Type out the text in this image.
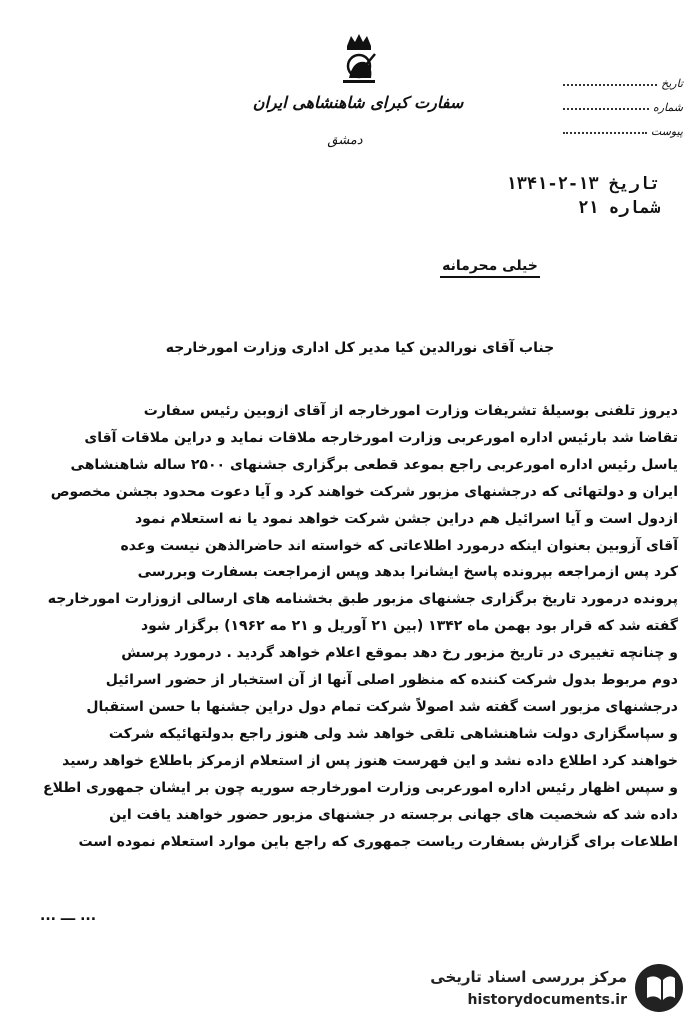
سفارت کبرای شاهنشاهی ایران
دمشق
تاریخ
شماره
پیوست
تاریخ ۱۳-۲-۱۳۴۱
شماره ۲۱
خیلی محرمانه
جناب آقای نورالدین کیا مدیر کل اداری وزارت امورخارجه

دیروز تلفنی بوسیلهٔ تشریفات وزارت امورخارجه از آقای ازوبین رئیس سفارت

تقاضا شد بارئیس اداره امورعربی وزارت امورخارجه ملاقات نماید و دراین ملاقات آقای

یاسل رئیس اداره امورعربی راجع بموعد قطعی برگزاری جشنهای ۲۵۰۰ ساله شاهنشاهی

ایران و دولتهائی که درجشنهای مزبور شرکت خواهند کرد و آیا دعوت محدود بجشن مخصوص

ازدول است و آیا اسرائیل هم دراین جشن شرکت خواهد نمود یا نه استعلام نمود

آقای آزوبین بعنوان اینکه درمورد اطلاعاتی که خواسته اند حاضرالذهن نیست وعده

کرد پس ازمراجعه بپرونده پاسخ ایشانرا بدهد وپس ازمراجعت بسفارت وبررسی

پرونده درمورد تاریخ برگزاری جشنهای مزبور طبق بخشنامه های ارسالی ازوزارت امورخارجه

گفته شد که قرار بود بهمن ماه ۱۳۴۲ (بین ۲۱ آوریل و ۲۱ مه ۱۹۶۲) برگزار شود

و چنانچه تغییری در تاریخ مزبور رخ دهد بموقع اعلام خواهد گردید . درمورد پرسش

دوم مربوط بدول شرکت کننده که منظور اصلی آنها از آن استخبار از حضور اسرائیل

درجشنهای مزبور است گفته شد اصولاً شرکت تمام دول دراین جشنها با حسن استقبال

و سپاسگزاری دولت شاهنشاهی تلقی خواهد شد ولی هنوز راجع بدولتهائیکه شرکت

خواهند کرد اطلاع داده نشد و این فهرست هنوز پس از استعلام ازمرکز باطلاع خواهد رسید

و سپس اظهار رئیس اداره امورعربی وزارت امورخارجه سوریه چون بر ایشان جمهوری اطلاع

داده شد که شخصیت های جهانی برجسته در جشنهای مزبور حضور خواهند یافت این

اطلاعات برای گزارش بسفارت ریاست جمهوری که راجع باین موارد استعلام نموده است

... ـــ ...
مرکز بررسی اسناد تاریخی
historydocuments.ir
